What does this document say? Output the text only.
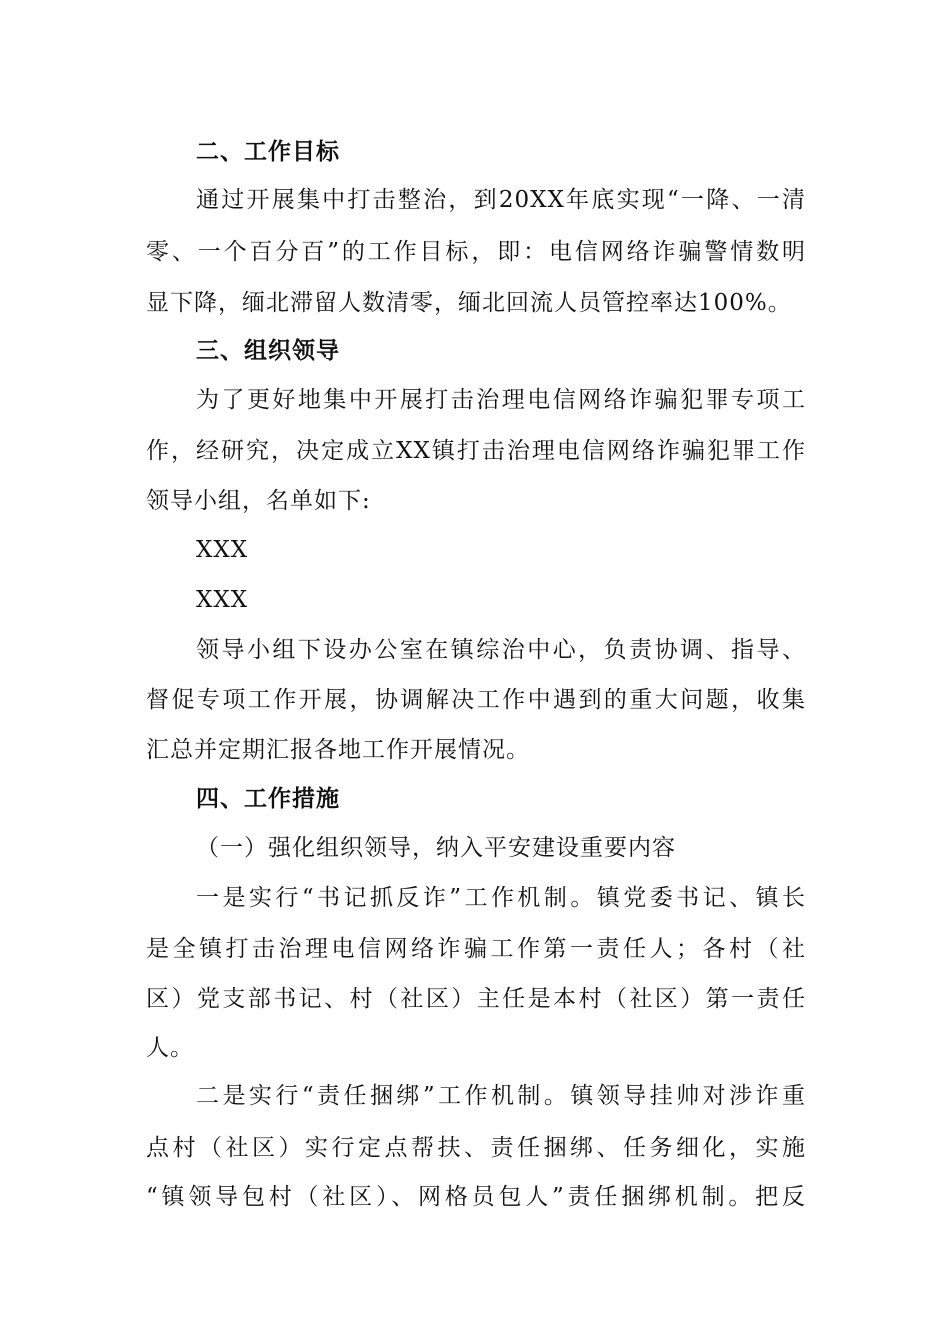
二、工作目标
通过开展集中打击整治，到20XX年底实现“一降、一清
零、一个百分百”的工作目标，即：电信网络诈骗警情数明
显下降，缅北滞留人数清零，缅北回流人员管控率达100%。
三、组织领导
为了更好地集中开展打击治理电信网络诈骗犯罪专项工
作，经研究，决定成立XX镇打击治理电信网络诈骗犯罪工作
领导小组，名单如下:
XXX
XXX
领导小组下设办公室在镇综治中心，负责协调、指导、
督促专项工作开展，协调解决工作中遇到的重大问题，收集
汇总并定期汇报各地工作开展情况。
四、工作措施
（一）强化组织领导，纳入平安建设重要内容
一是实行“书记抓反诈”工作机制。镇党委书记、镇长
是全镇打击治理电信网络诈骗工作第一责任人；各村（社
区）党支部书记、村（社区）主任是本村（社区）第一责任
人。
二是实行“责任捆绑”工作机制。镇领导挂帅对涉诈重
点村（社区）实行定点帮扶、责任捆绑、任务细化，实施
“镇领导包村（社区）、网格员包人”责任捆绑机制。把反
